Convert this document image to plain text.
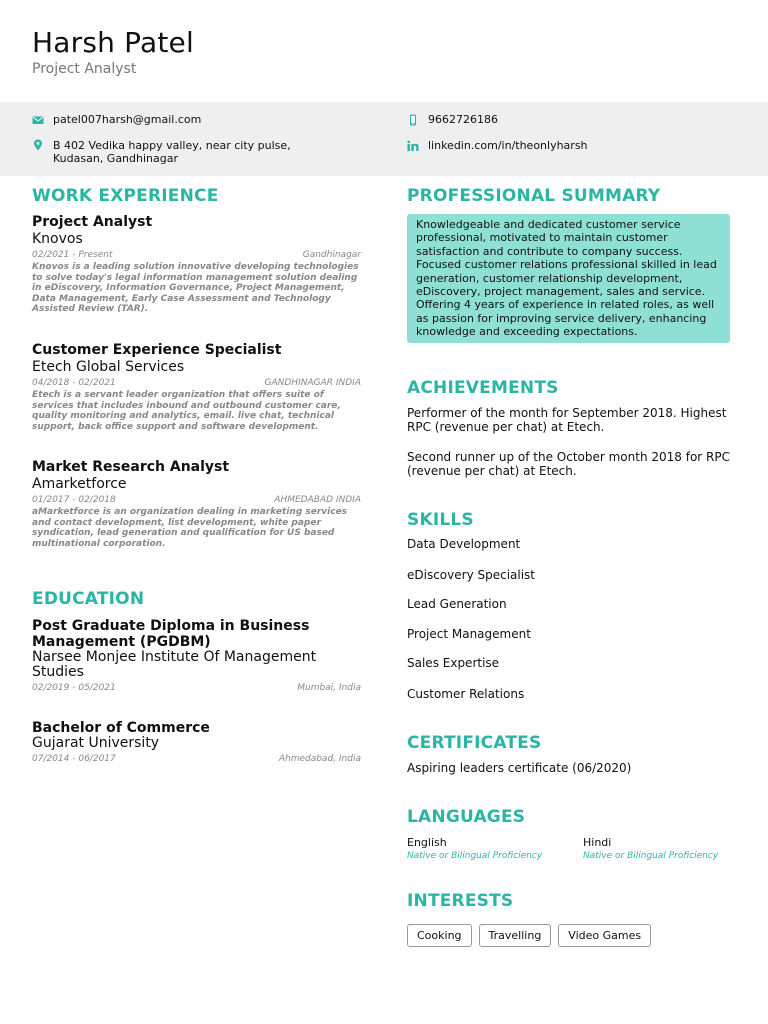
Harsh Patel
Project Analyst
patel007harsh@gmail.com	9662726186
B 402 Vedika happy valley, near city pulse, Kudasan, Gandhinagar
linkedin.com/in/theonlyharsh
WORK EXPERIENCE
Project Analyst
Knovos
02/2021 - Present	Gandhinagar
Knovos is a leading solution innovative developing technologies to solve today's legal information management solution dealing in eDiscovery, Information Governance, Project Management, Data Management, Early Case Assessment and Technology Assisted Review (TAR).
Customer Experience Specialist
Etech Global Services
04/2018 - 02/2021	GANDHINAGAR INDIA
Etech is a servant leader organization that offers suite of services that includes inbound and outbound customer care, quality monitoring and analytics, email. live chat, technical support, back office support and software development.
Market Research Analyst
Amarketforce
01/2017 - 02/2018	AHMEDABAD INDIA
aMarketforce is an organization dealing in marketing services and contact development, list development, white paper syndication, lead generation and qualification for US based multinational corporation.
EDUCATION
Post Graduate Diploma in Business Management (PGDBM)
Narsee Monjee Institute Of Management Studies
02/2019 - 05/2021	Mumbai, India
Bachelor of Commerce
Gujarat University
07/2014 - 06/2017	Ahmedabad, India
PROFESSIONAL SUMMARY
Knowledgeable and dedicated customer service professional, motivated to maintain customer satisfaction and contribute to company success. Focused customer relations professional skilled in lead generation, customer relationship development, eDiscovery, project management, sales and service. Offering 4 years of experience in related roles, as well as passion for improving service delivery, enhancing knowledge and exceeding expectations.
ACHIEVEMENTS
Performer of the month for September 2018. Highest RPC (revenue per chat) at Etech.
Second runner up of the October month 2018 for RPC (revenue per chat) at Etech.
SKILLS
Data Development
eDiscovery Specialist
Lead Generation
Project Management
Sales Expertise
Customer Relations
CERTIFICATES
Aspiring leaders certificate (06/2020)
LANGUAGES
English
Native or Bilingual Proficiency
Hindi
Native or Bilingual Proficiency
INTERESTS
Cooking	Travelling	Video Games
